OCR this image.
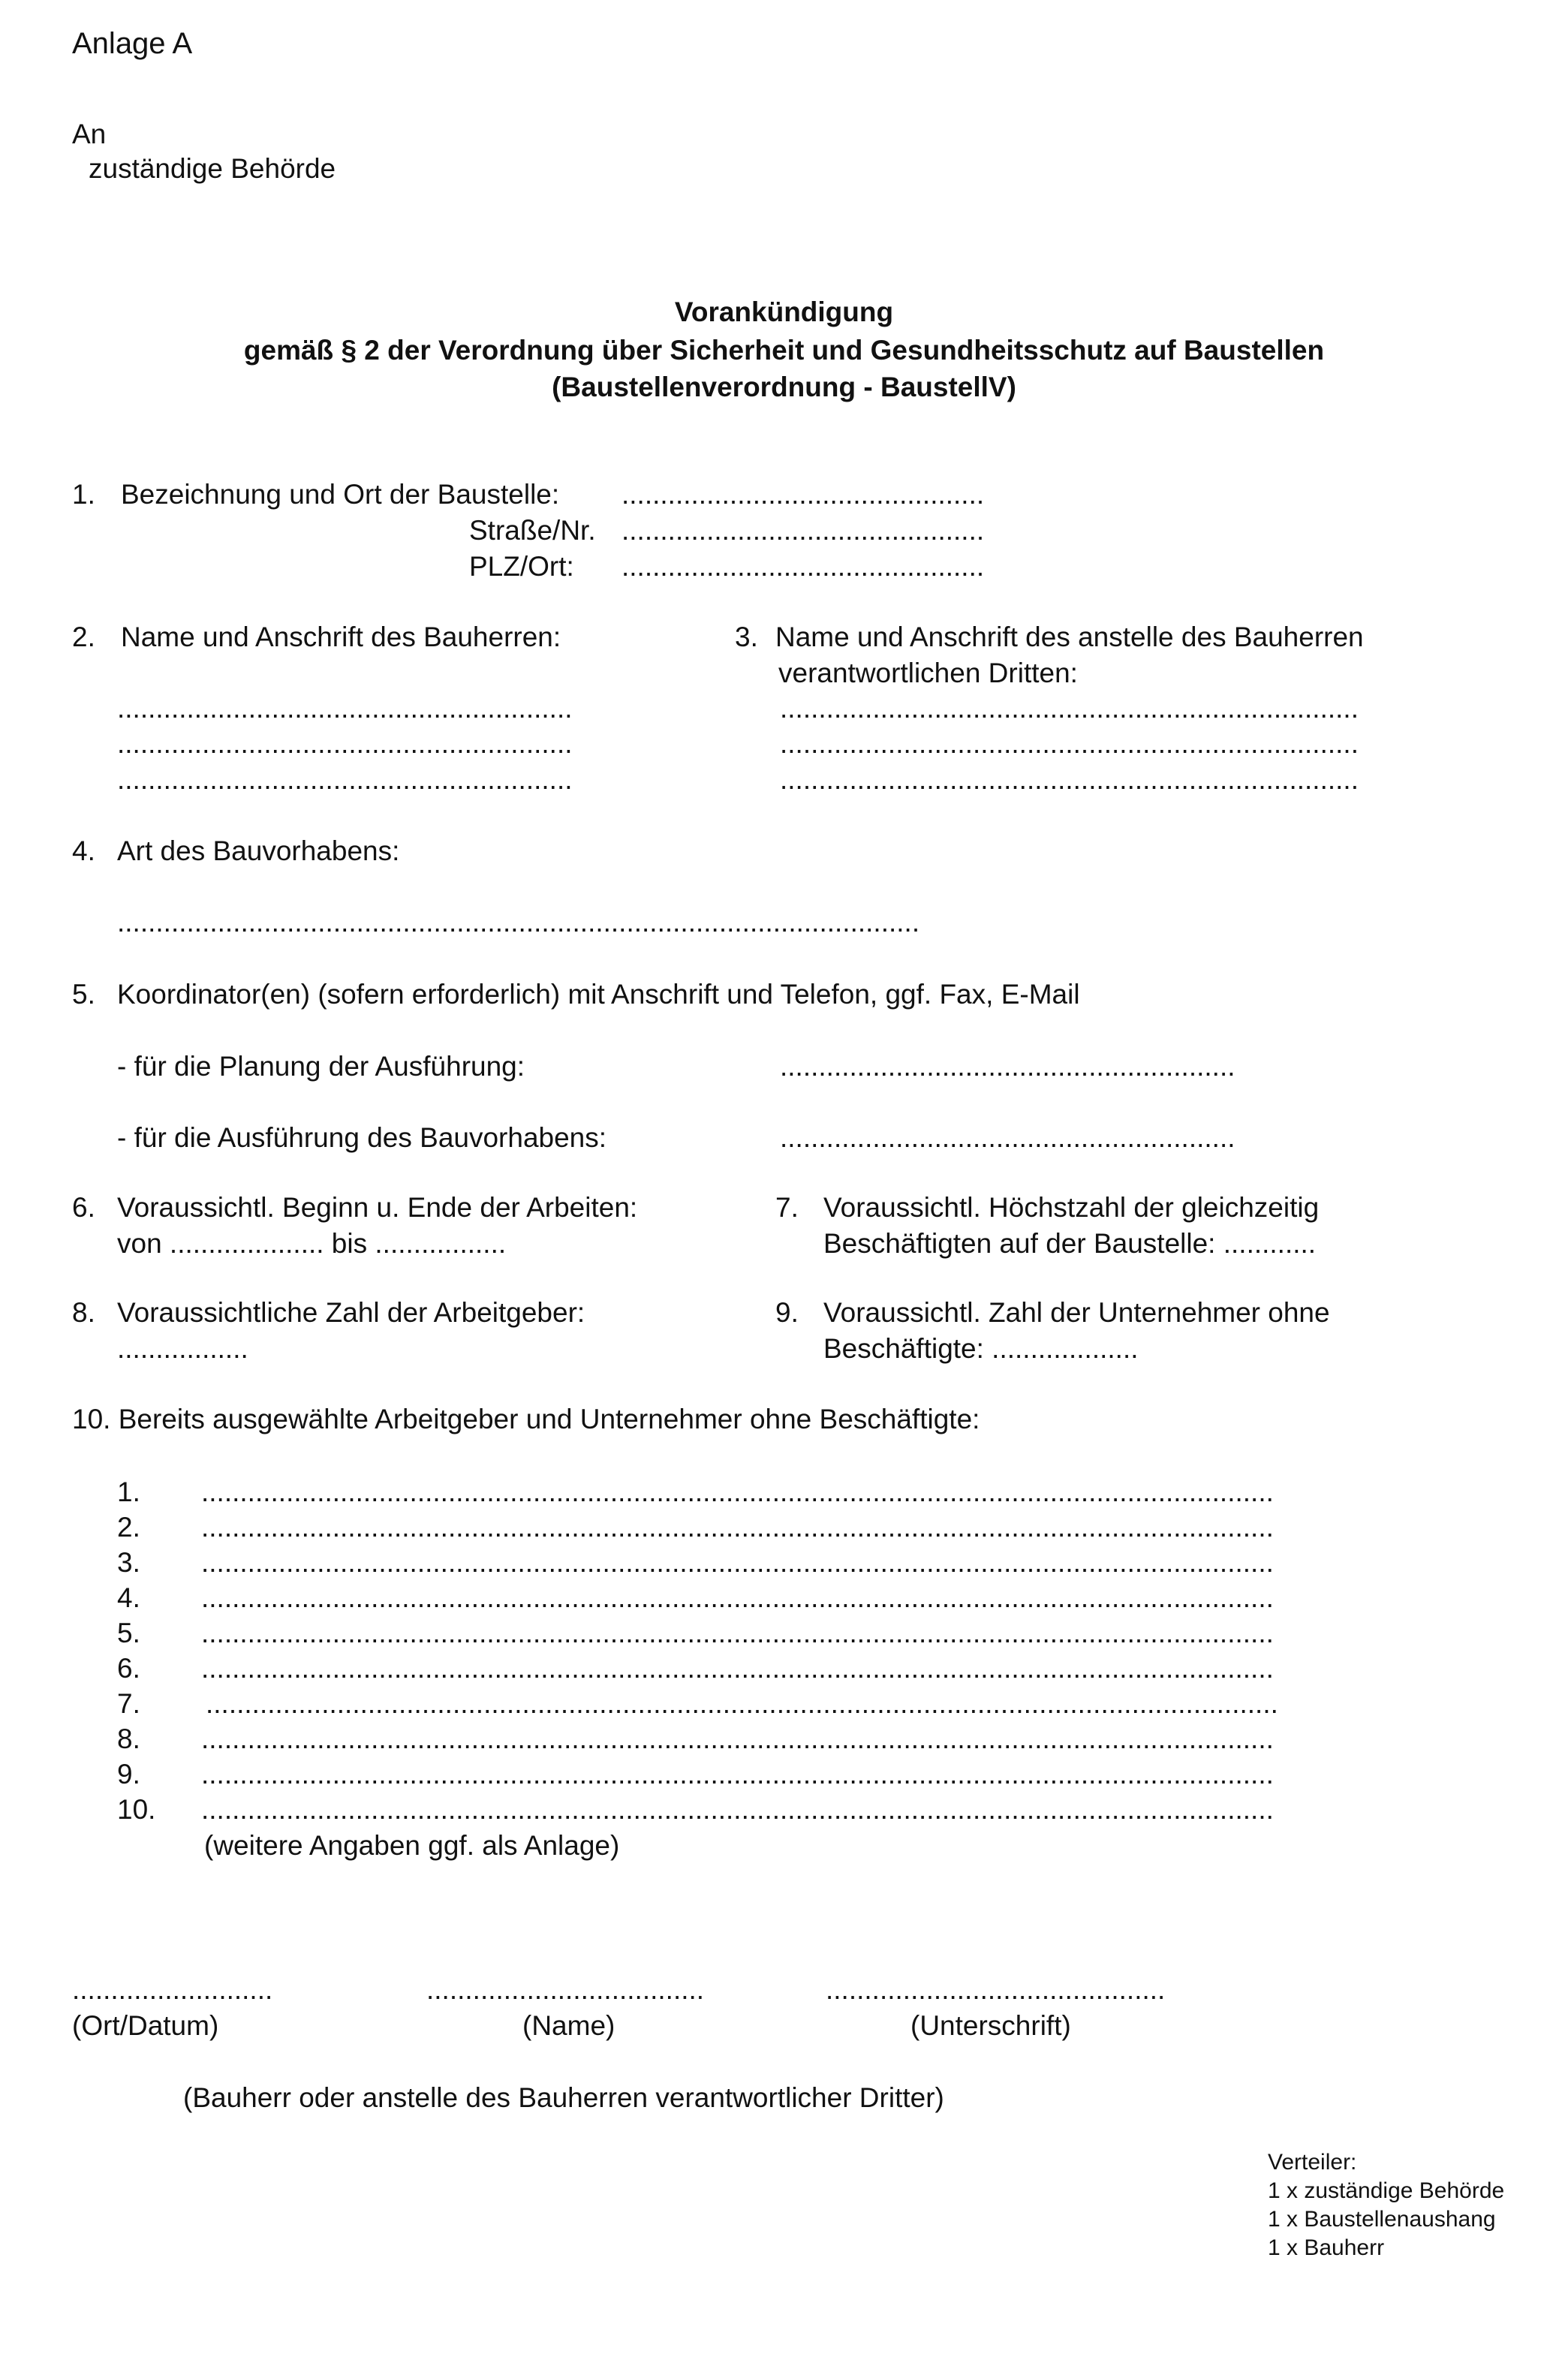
Anlage A
An
zuständige Behörde
Vorankündigung
gemäß § 2 der Verordnung über Sicherheit und Gesundheitsschutz auf Baustellen
(Baustellenverordnung - BaustellV)
1. Bezeichnung und Ort der Baustelle: ...............................................
Straße/Nr. ...............................................
PLZ/Ort: ...............................................
2. Name und Anschrift des Bauherren:
...........................................................
...........................................................
...........................................................
3. Name und Anschrift des anstelle des Bauherren
verantwortlichen Dritten:
...........................................................................
...........................................................................
...........................................................................
4. Art des Bauvorhabens:
........................................................................................................
5. Koordinator(en) (sofern erforderlich) mit Anschrift und Telefon, ggf. Fax, E-Mail
- für die Planung der Ausführung:	...........................................................
- für die Ausführung des Bauvorhabens:	...........................................................
6. Voraussichtl. Beginn u. Ende der Arbeiten:
von .................... bis .................
7. Voraussichtl. Höchstzahl der gleichzeitig
Beschäftigten auf der Baustelle: ............
8. Voraussichtliche Zahl der Arbeitgeber:
.................
9. Voraussichtl. Zahl der Unternehmer ohne
Beschäftigte: ...................
10. Bereits ausgewählte Arbeitgeber und Unternehmer ohne Beschäftigte:
1. ...........................................................................................................................................
2. ...........................................................................................................................................
3. ...........................................................................................................................................
4. ...........................................................................................................................................
5. ...........................................................................................................................................
6. ...........................................................................................................................................
7. ...........................................................................................................................................
8. ...........................................................................................................................................
9. ...........................................................................................................................................
10. ...........................................................................................................................................
(weitere Angaben ggf. als Anlage)
..........................	....................................	............................................
(Ort/Datum)	(Name)	(Unterschrift)
(Bauherr oder anstelle des Bauherren verantwortlicher Dritter)
Verteiler:
1 x zuständige Behörde
1 x Baustellenaushang
1 x Bauherr
